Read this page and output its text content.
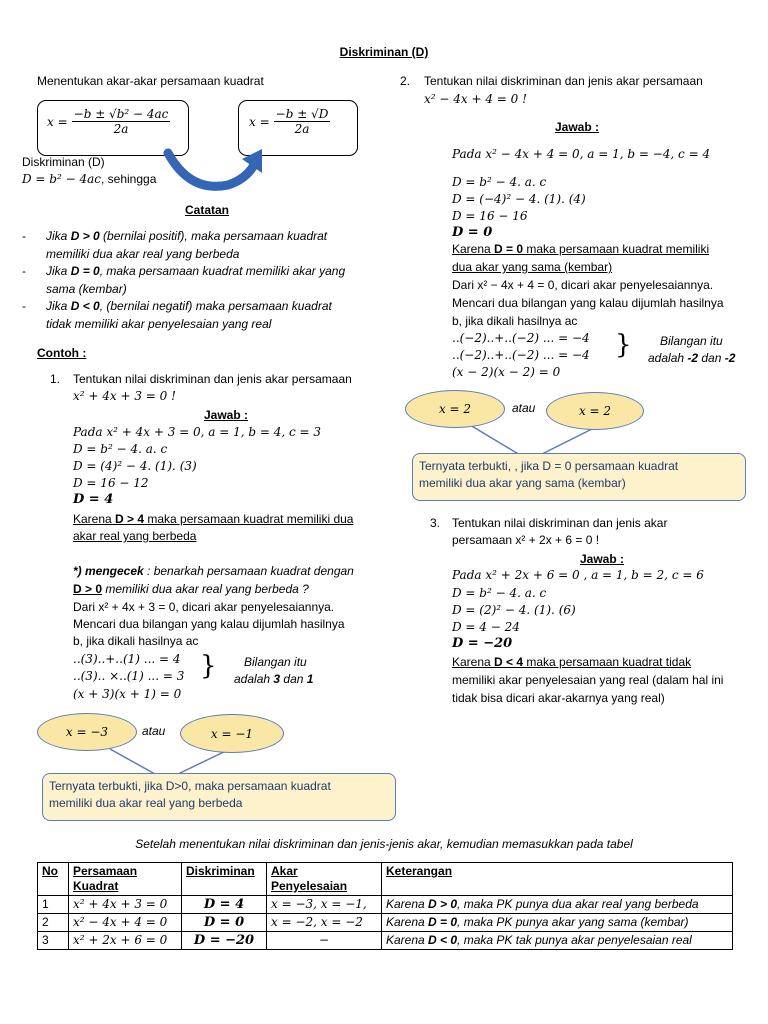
Diskriminan (D)
Menentukan akar-akar persamaan kuadrat
$x = \frac{\text{−b ± √b² − 4ac}}{2a}$	$x = \frac{-b \pm √D}{2a}$
Diskriminan (D)
D = b² − 4ac, sehingga
Catatan
- Jika D > 0 (bernilai positif), maka persamaan kuadrat
memiliki dua akar real yang berbeda
- Jika D = 0, maka persamaan kuadrat memiliki akar yang
sama (kembar)
- Jika D < 0, (bernilai negatif) maka persamaan kuadrat
tidak memiliki akar penyelesaian yang real
Contoh :
1. Tentukan nilai diskriminan dan jenis akar persamaan
x² + 4x + 3 = 0 !
Jawab :
Pada x² + 4x + 3 = 0, a = 1, b = 4, c = 3
D = b² − 4. a. c
D = (4)² − 4. (1). (3)
D = 16 − 12
D = 4
Karena D > 4 maka persamaan kuadrat memiliki dua
akar real yang berbeda
*) mengecek : benarkah persamaan kuadrat dengan
D > 0 memiliki dua akar real yang berbeda ?
Dari x² + 4x + 3 = 0, dicari akar penyelesaiannya.
Mencari dua bilangan yang kalau dijumlah hasilnya
b, jika dikali hasilnya ac
..(3)..+..(1) ... = 4
..(3).. ×..(1) ... = 3 } Bilangan itu
adalah 3 dan 1
(x + 3)(x + 1) = 0
x = −3	atau	x = −1
Ternyata terbukti, jika D>0, maka persamaan kuadrat
memiliki dua akar real yang berbeda
2. Tentukan nilai diskriminan dan jenis akar persamaan
x² − 4x + 4 = 0 !
Jawab :
Pada x² − 4x + 4 = 0, a = 1, b = −4, c = 4
D = b² − 4. a. c
D = (−4)² − 4. (1). (4)
D = 16 − 16
D = 0
Karena D = 0 maka persamaan kuadrat memiliki
dua akar yang sama (kembar)
Dari x² − 4x + 4 = 0, dicari akar penyelesaiannya.
Mencari dua bilangan yang kalau dijumlah hasilnya
b, jika dikali hasilnya ac
..(−2)..+..(−2) ... = −4
..(−2)..+..(−2) ... = −4 } Bilangan itu
adalah -2 dan -2
(x − 2)(x − 2) = 0
x = 2	atau	x = 2
Ternyata terbukti, , jika D = 0 persamaan kuadrat
memiliki dua akar yang sama (kembar)
3. Tentukan nilai diskriminan dan jenis akar
persamaan x² + 2x + 6 = 0 !
Jawab :
Pada x² + 2x + 6 = 0 , a = 1, b = 2, c = 6
D = b² − 4. a. c
D = (2)² − 4. (1). (6)
D = 4 − 24
D = −20
Karena D < 4 maka persamaan kuadrat tidak
memiliki akar penyelesaian yang real (dalam hal ini
tidak bisa dicari akar-akarnya yang real)
Setelah menentukan nilai diskriminan dan jenis-jenis akar, kemudian memasukkan pada tabel
No	Persamaan Kuadrat	Diskriminan	Akar Penyelesaian	Keterangan
1	x² + 4x + 3 = 0	D = 4	x = −3, x = −1,	Karena D > 0, maka PK punya dua akar real yang berbeda
2	x² − 4x + 4 = 0	D = 0	x = −2, x = −2	Karena D = 0, maka PK punya akar yang sama (kembar)
3	x² + 2x + 6 = 0	D = −20	−	Karena D < 0, maka PK tak punya akar penyelesaian real
